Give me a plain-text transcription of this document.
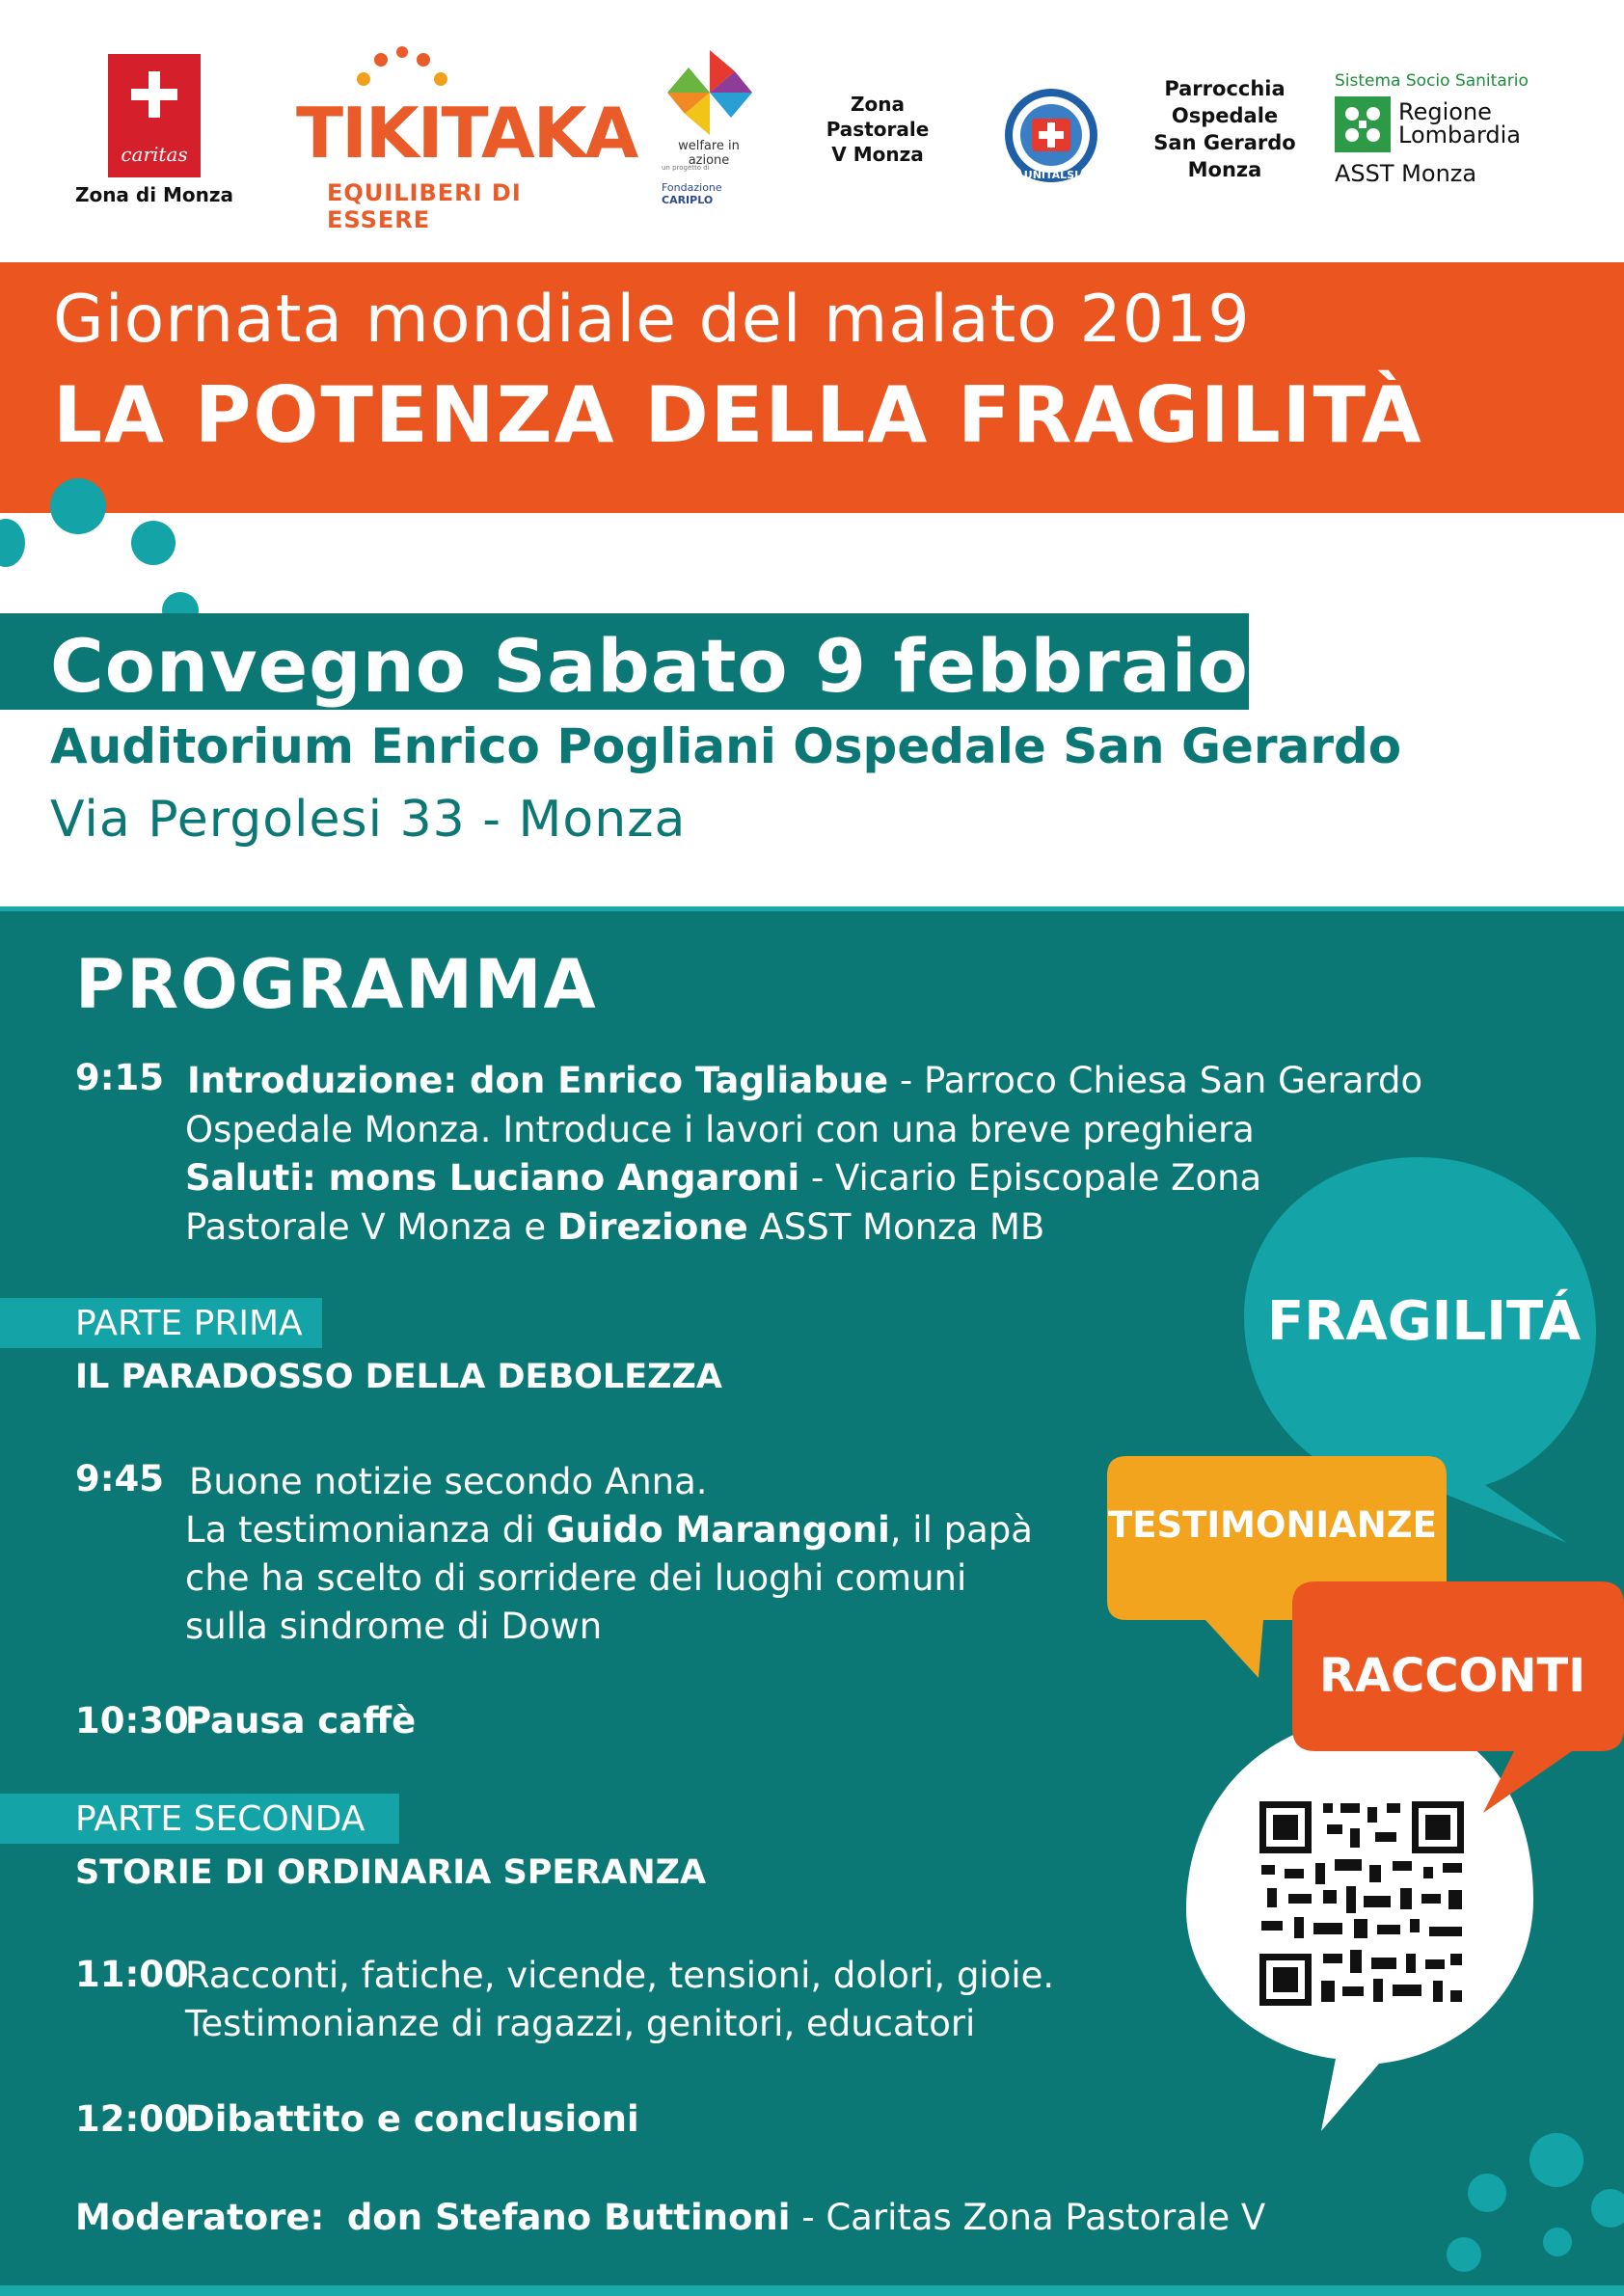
caritas
Zona di Monza
TIKITAKA
EQUILIBERI DI ESSERE
welfare in azione
un progetto di
Fondazione
CARIPLO
Zona
Pastorale
V Monza
UNITALSI
Parrocchia
Ospedale
San Gerardo
Monza
Sistema Socio Sanitario
Regione
Lombardia
ASST Monza
Giornata mondiale del malato 2019
LA POTENZA DELLA FRAGILITÀ
Convegno Sabato 9 febbraio
Auditorium Enrico Pogliani Ospedale San Gerardo
Via Pergolesi 33 - Monza
PROGRAMMA
9:15 Introduzione: don Enrico Tagliabue - Parroco Chiesa San Gerardo
Ospedale Monza. Introduce i lavori con una breve preghiera
Saluti: mons Luciano Angaroni - Vicario Episcopale Zona
Pastorale V Monza e Direzione ASST Monza MB
PARTE PRIMA
IL PARADOSSO DELLA DEBOLEZZA
9:45 Buone notizie secondo Anna.
La testimonianza di Guido Marangoni, il papà
che ha scelto di sorridere dei luoghi comuni
sulla sindrome di Down
10:30
Pausa caffè
PARTE SECONDA
STORIE DI ORDINARIA SPERANZA
11:00
Racconti, fatiche, vicende, tensioni, dolori, gioie.
Testimonianze di ragazzi, genitori, educatori
12:00
Dibattito e conclusioni
Moderatore: don Stefano Buttinoni - Caritas Zona Pastorale V
FRAGILITÁ
TESTIMONIANZE
RACCONTI
